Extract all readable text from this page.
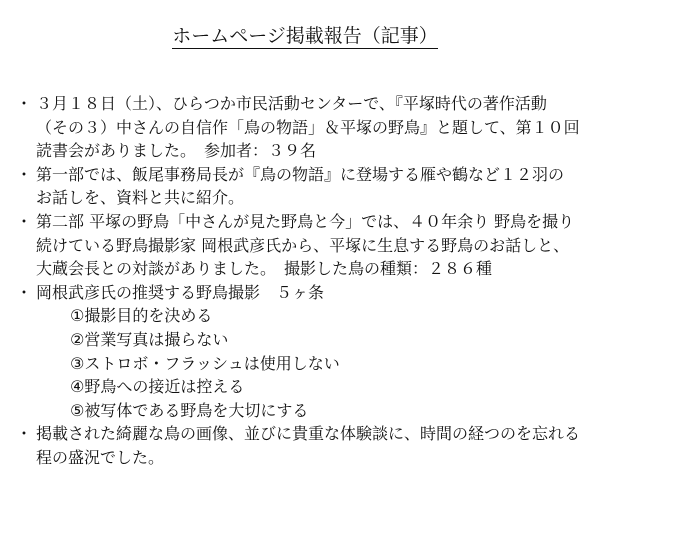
ホームページ掲載報告（記事）
・ ３月１８日（土）、ひらつか市民活動センターで、『平塚時代の著作活動
（その３）中さんの自信作「鳥の物語」＆平塚の野鳥』と題して、第１０回
読書会がありました。　参加者：３９名
・ 第一部では、飯尾事務局長が『鳥の物語』に登場する雁や鶴など１２羽の
お話しを、資料と共に紹介。
・ 第二部 平塚の野鳥「中さんが見た野鳥と今」では、４０年余り 野鳥を撮り
続けている野鳥撮影家 岡根武彦氏から、平塚に生息する野鳥のお話しと、
大蔵会長との対談がありました。　撮影した鳥の種類：２８６種
・ 岡根武彦氏の推奨する野鳥撮影　５ヶ条
①撮影目的を決める
②営業写真は撮らない
③ストロボ・フラッシュは使用しない
④野鳥への接近は控える
⑤被写体である野鳥を大切にする
・ 掲載された綺麗な鳥の画像、並びに貴重な体験談に、時間の経つのを忘れる
程の盛況でした。
